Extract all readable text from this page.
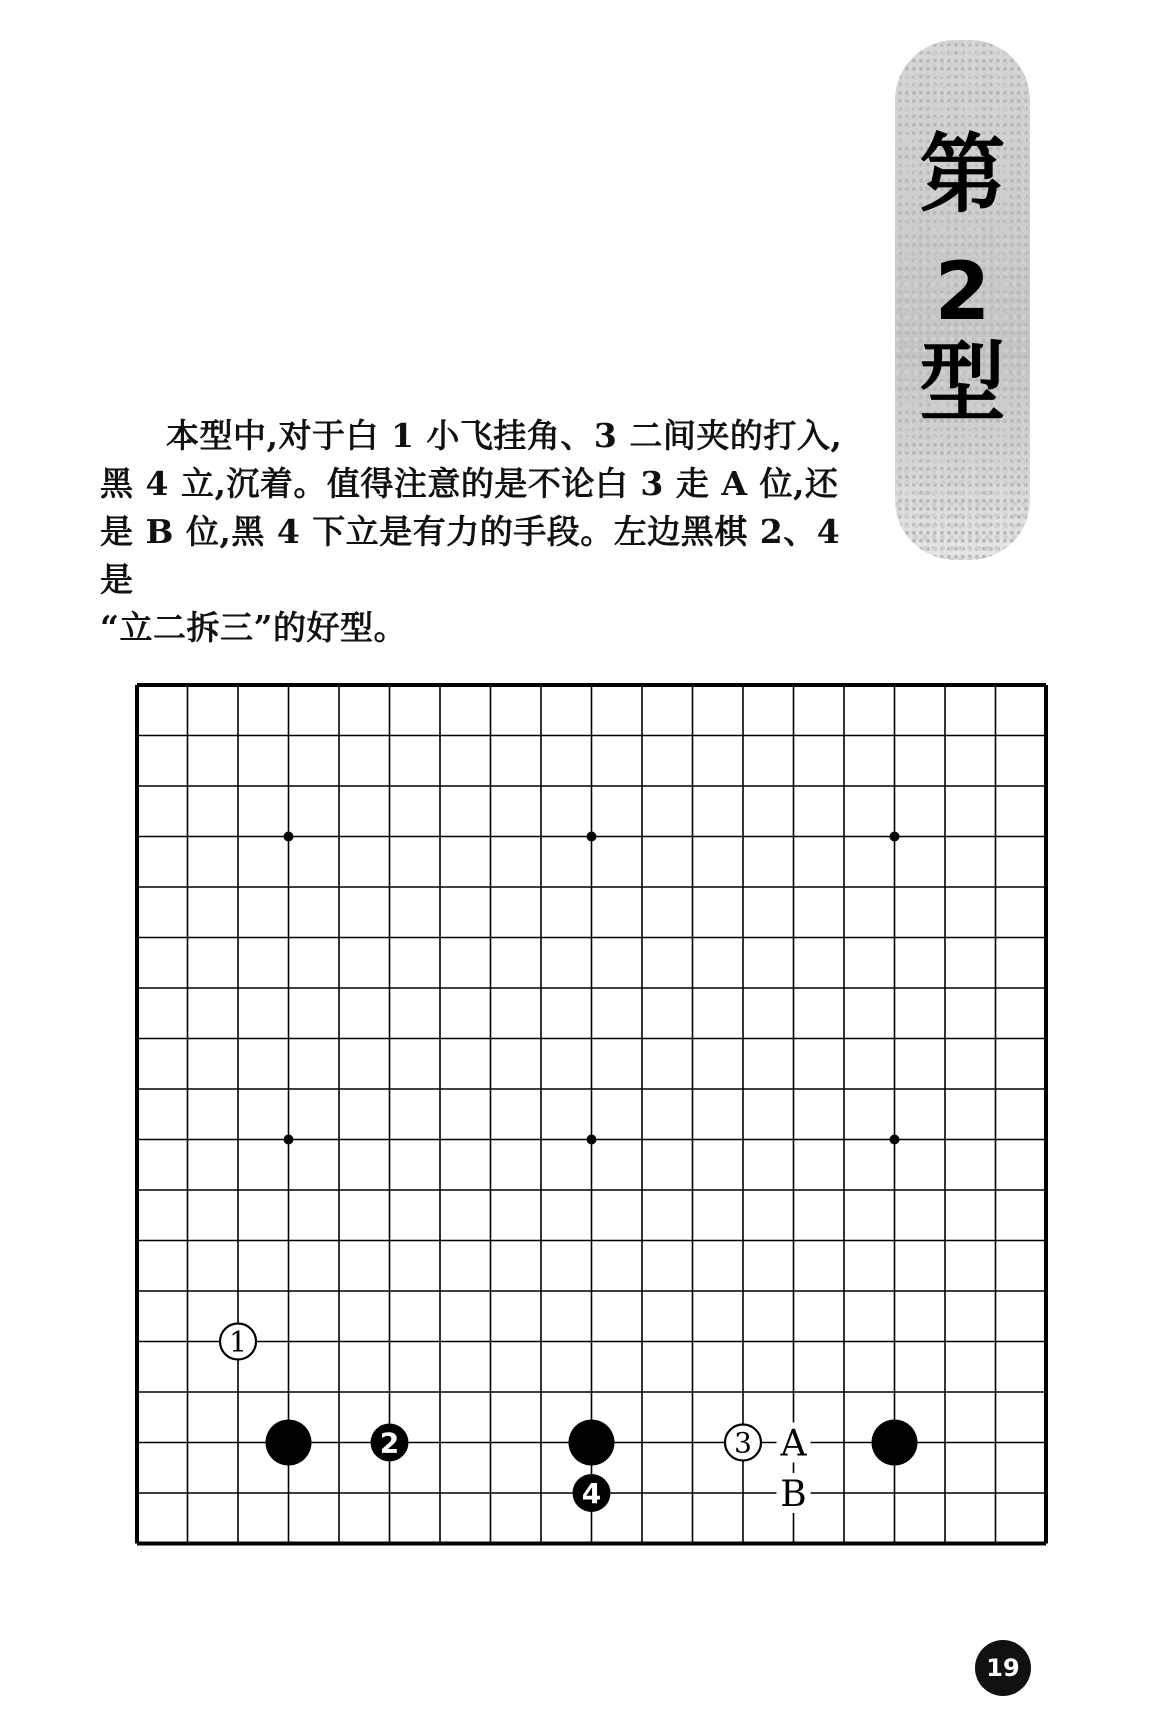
第
2
型
本型中,对于白 1 小飞挂角、3 二间夹的打入,
黑 4 立,沉着。值得注意的是不论白 3 走 A 位,还
是 B 位,黑 4 下立是有力的手段。左边黑棋 2、4 是
“立二拆三”的好型。
1
2
4
3 A
B
19
